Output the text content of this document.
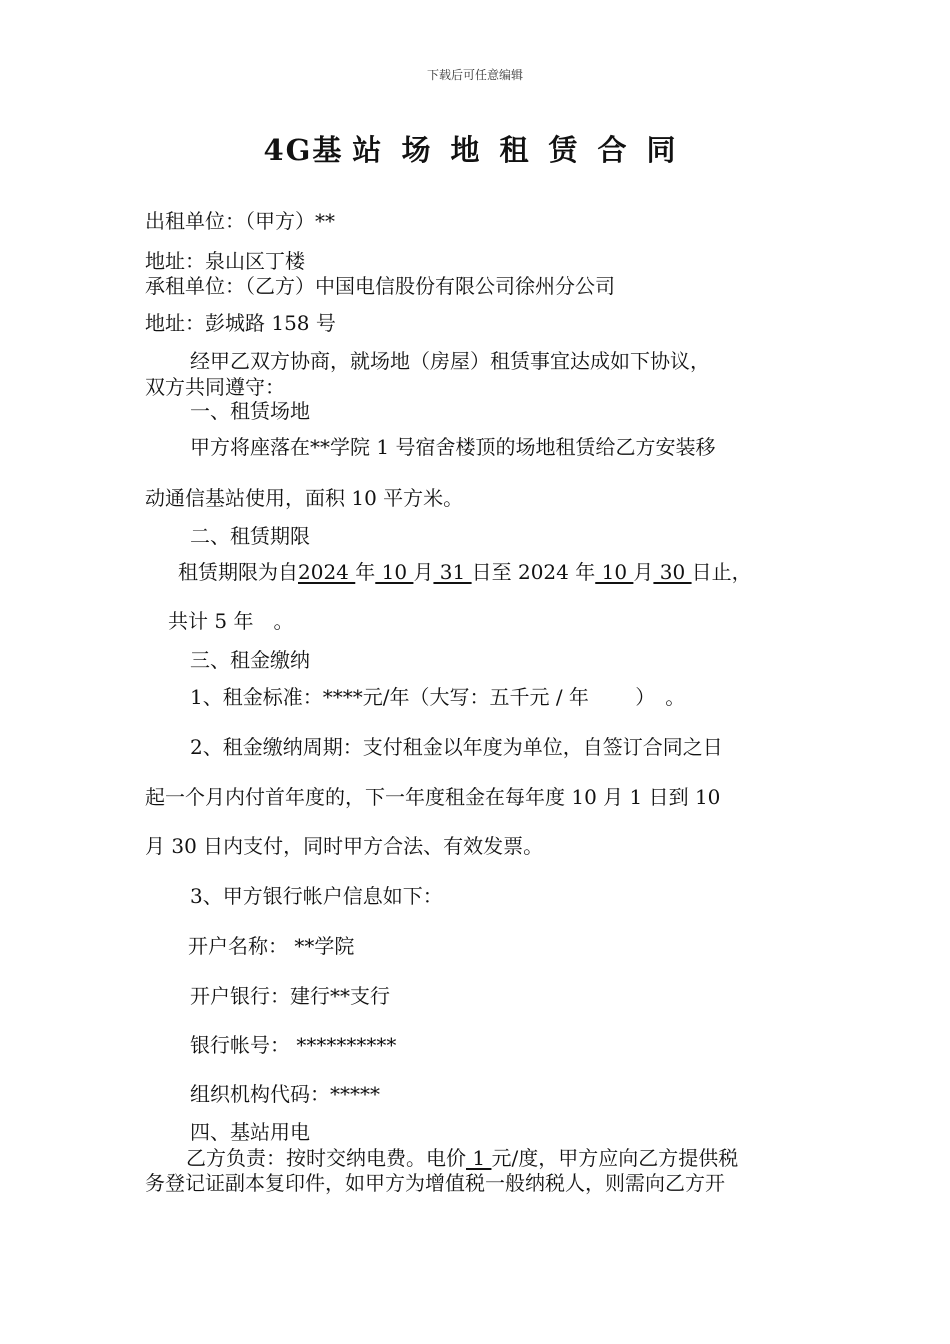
下载后可任意编辑
4G基 站 场 地 租 赁 合 同
出租单位：（甲方）**
地址：泉山区丁楼
承租单位：（乙方）中国电信股份有限公司徐州分公司
地址：彭城路 158 号
经甲乙双方协商，就场地（房屋）租赁事宜达成如下协议，
双方共同遵守：
一、租赁场地
甲方将座落在**学院 1 号宿舍楼顶的场地租赁给乙方安装移
动通信基站使用，面积 10 平方米。
二、租赁期限
租赁期限为自2024 年 10 月 31 日至 2024 年 10 月 30 日止，
共计 5 年　。
三、租金缴纳
1、租金标准：****元/年（大写：五千元 / 年　　 ）　。
2、租金缴纳周期：支付租金以年度为单位，自签订合同之日
起一个月内付首年度的，下一年度租金在每年度 10 月 1 日到 10
月 30 日内支付，同时甲方合法、有效发票。
3、甲方银行帐户信息如下：
开户名称： **学院
开户银行：建行**支行
银行帐号： **********
组织机构代码：*****
四、基站用电
乙方负责：按时交纳电费。电价 1 元/度，甲方应向乙方提供税
务登记证副本复印件，如甲方为增值税一般纳税人，则需向乙方开
